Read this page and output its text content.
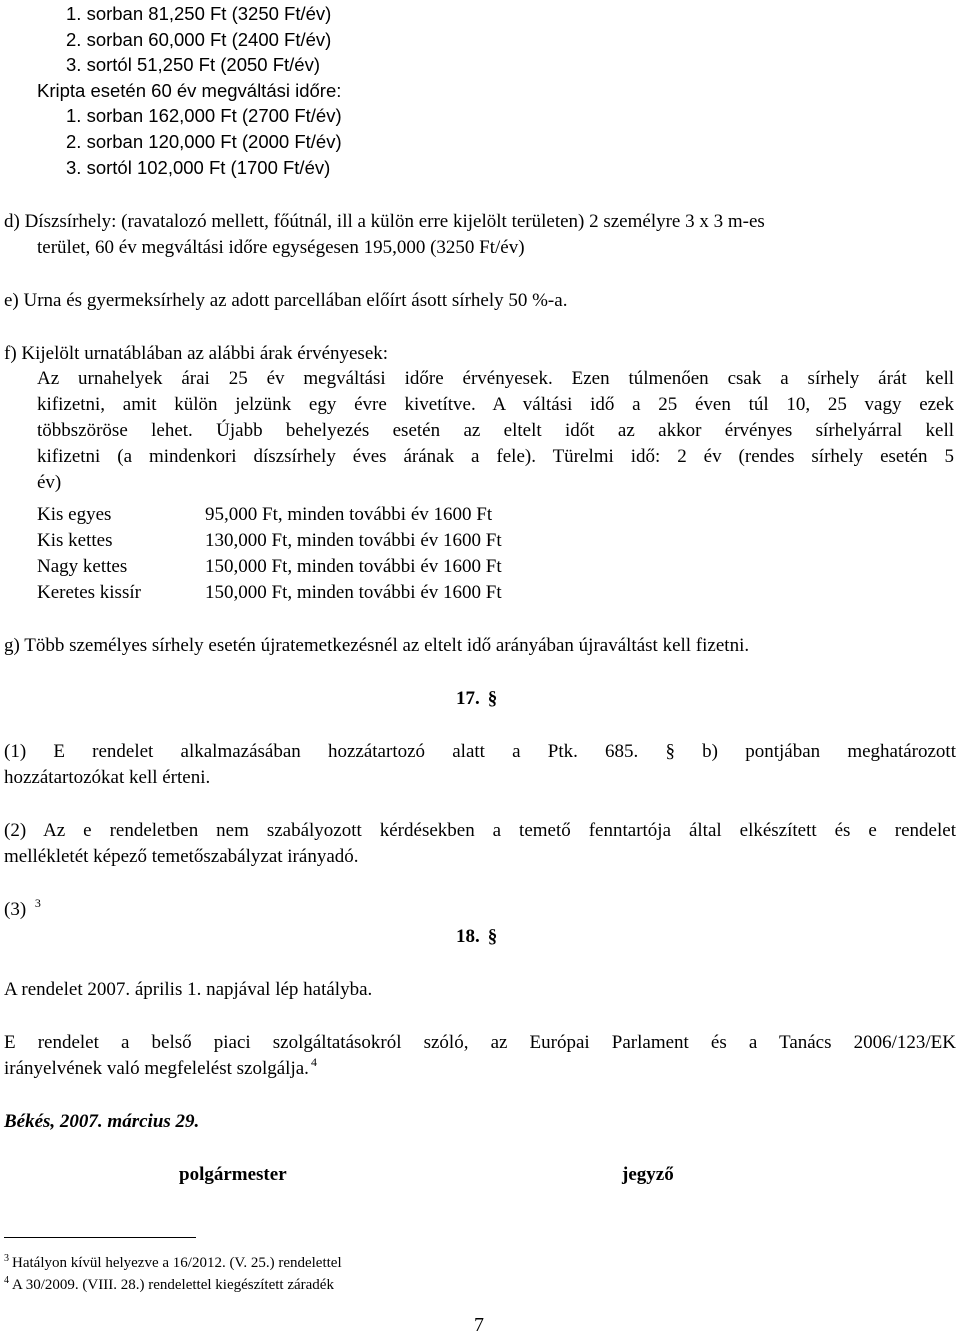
1. sorban 81,250 Ft (3250 Ft/év)
2. sorban 60,000 Ft (2400 Ft/év)
3. sortól 51,250 Ft (2050 Ft/év)
Kripta esetén 60 év megváltási időre:
1. sorban 162,000 Ft (2700 Ft/év)
2. sorban 120,000 Ft (2000 Ft/év)
3. sortól 102,000 Ft (1700 Ft/év)
d) Díszsírhely: (ravatalozó mellett, főútnál, ill a külön erre kijelölt területen) 2 személyre 3 x 3 m-es
terület, 60 év megváltási időre egységesen 195,000 (3250 Ft/év)
e) Urna és gyermeksírhely az adott parcellában előírt ásott sírhely 50 %-a.
f) Kijelölt urnatáblában az alábbi árak érvényesek:
Az urnahelyek árai 25 év megváltási időre érvényesek. Ezen túlmenően csak a sírhely árát kell
kifizetni, amit külön jelzünk egy évre kivetítve. A váltási idő a 25 éven túl 10, 25 vagy ezek
többszöröse lehet. Újabb behelyezés esetén az eltelt időt az akkor érvényes sírhelyárral kell
kifizetni (a mindenkori díszsírhely éves árának a fele). Türelmi idő: 2 év (rendes sírhely esetén 5
év)
Kis egyes	95,000 Ft, minden további év 1600 Ft
Kis kettes	130,000 Ft, minden további év 1600 Ft
Nagy kettes	150,000 Ft, minden további év 1600 Ft
Keretes kissír	150,000 Ft, minden további év 1600 Ft
g) Több személyes sírhely esetén újratemetkezésnél az eltelt idő arányában újraváltást kell fizetni.
17. §
(1) E rendelet alkalmazásában hozzátartozó alatt a Ptk. 685. § b) pontjában meghatározott
hozzátartozókat kell érteni.
(2) Az e rendeletben nem szabályozott kérdésekben a temető fenntartója által elkészített és e rendelet
mellékletét képező temetőszabályzat irányadó.
(3) $^3$
18. §
A rendelet 2007. április 1. napjával lép hatályba.
E rendelet a belső piaci szolgáltatásokról szóló, az Európai Parlament és a Tanács 2006/123/EK
irányelvének való megfelelést szolgálja. $^4$
Békés, 2007. március 29.
polgármester	jegyző
$^3$ Hatályon kívül helyezve a 16/2012. (V. 25.) rendelettel
$^4$ A 30/2009. (VIII. 28.) rendelettel kiegészített záradék
7
